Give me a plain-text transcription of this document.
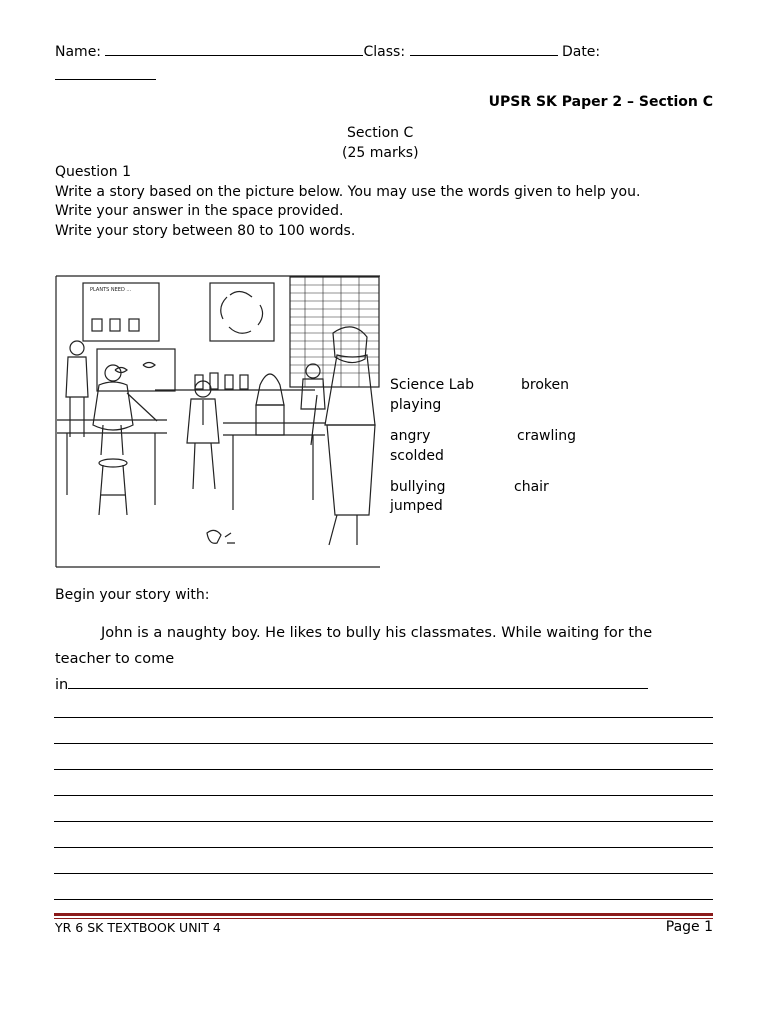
Name:	Class:	Date:
UPSR SK Paper 2 – Section C
Section C
(25 marks)
Question 1
Write a story based on the picture below. You may use the words given to help you.
Write your answer in the space provided.
Write your story between 80 to 100 words.
PLANTS NEED ...
Science Lab	broken
playing
angry	crawling
scolded
bullying	chair
jumped
Begin your story with:
John is a naughty boy. He likes to bully his classmates. While waiting for the
teacher to come
in
YR 6 SK TEXTBOOK UNIT 4	Page 1
